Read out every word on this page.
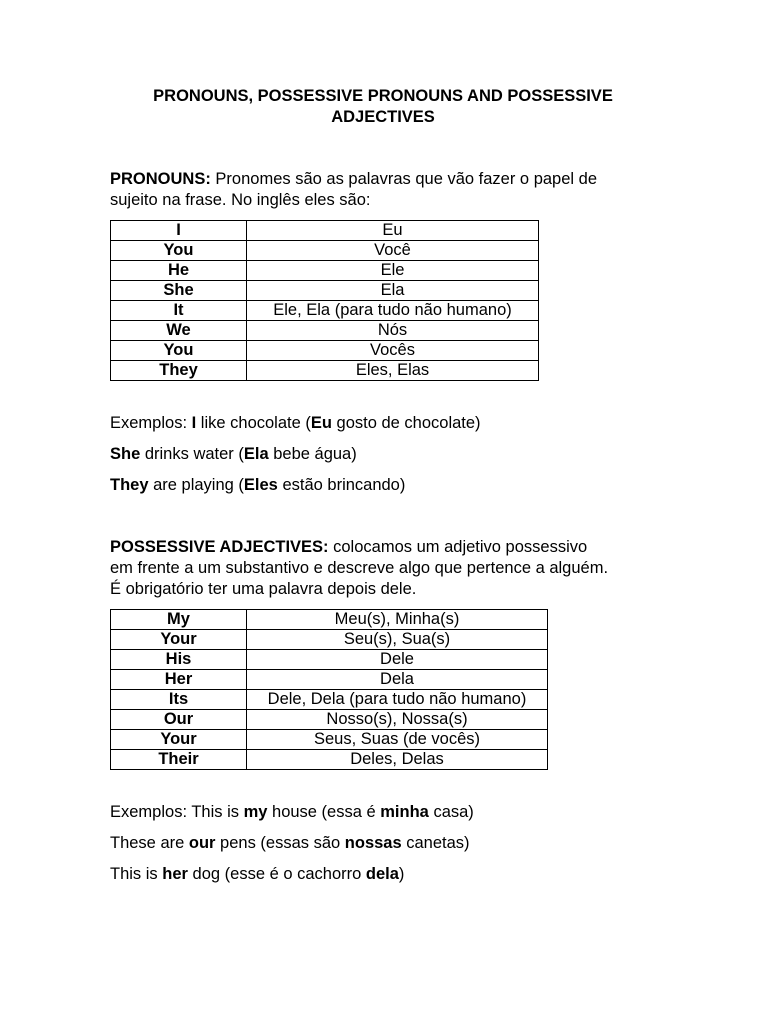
PRONOUNS, POSSESSIVE PRONOUNS AND POSSESSIVE ADJECTIVES
PRONOUNS: Pronomes são as palavras que vão fazer o papel de
sujeito na frase. No inglês eles são:
I	Eu
You	Você
He	Ele
She	Ela
It	Ele, Ela (para tudo não humano)
We	Nós
You	Vocês
They	Eles, Elas
Exemplos: I like chocolate (Eu gosto de chocolate)
She drinks water (Ela bebe água)
They are playing (Eles estão brincando)
POSSESSIVE ADJECTIVES: colocamos um adjetivo possessivo
em frente a um substantivo e descreve algo que pertence a alguém.
É obrigatório ter uma palavra depois dele.
My	Meu(s), Minha(s)
Your	Seu(s), Sua(s)
His	Dele
Her	Dela
Its	Dele, Dela (para tudo não humano)
Our	Nosso(s), Nossa(s)
Your	Seus, Suas (de vocês)
Their	Deles, Delas
Exemplos: This is my house (essa é minha casa)
These are our pens (essas são nossas canetas)
This is her dog (esse é o cachorro dela)
